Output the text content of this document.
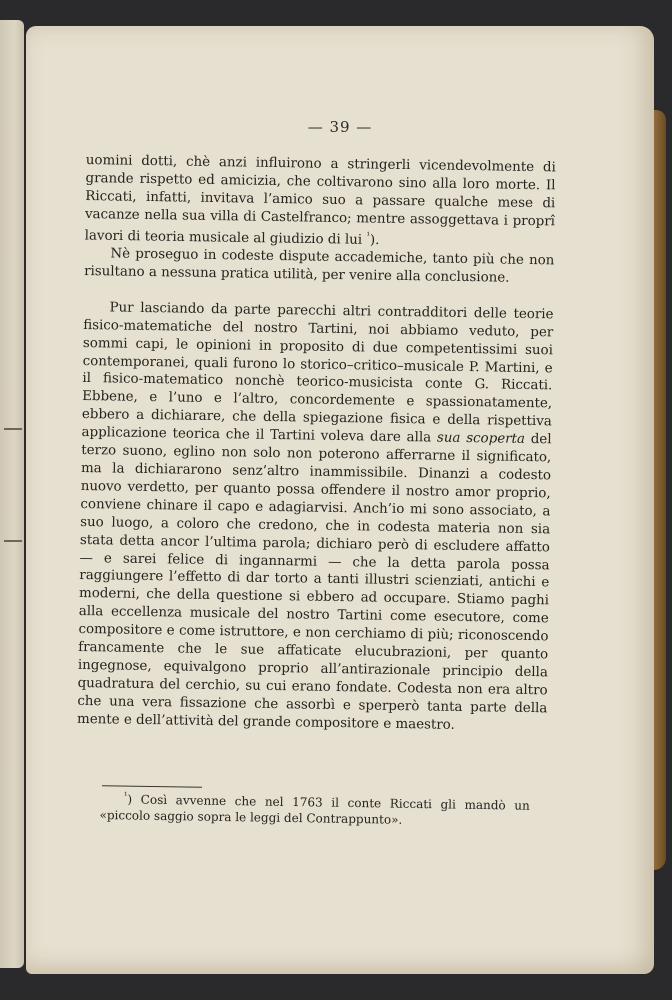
— 39 —

uomini dotti, chè anzi influirono a stringerli vicendevolmente di grande rispetto ed amicizia, che coltivarono sino alla loro morte. Il Riccati, infatti, invitava l’amico suo a passare qualche mese di vacanze nella sua villa di Castelfranco; mentre assoggettava i proprî lavori di teoria musicale al giudizio di lui $^{^1}$).

Nè proseguo in codeste dispute accademiche, tanto più che non risultano a nessuna pratica utilità, per venire alla conclusione.

Pur lasciando da parte parecchi altri contradditori delle teorie fisico-matematiche del nostro Tartini, noi abbiamo veduto, per sommi capi, le opinioni in proposito di due competentissimi suoi contemporanei, quali furono lo storico–critico–musicale P. Martini, e il fisico-matematico nonchè teorico-musicista conte G. Riccati. Ebbene, e l’uno e l’altro, concordemente e spassionatamente, ebbero a dichiarare, che della spiegazione fisica e della rispettiva applicazione teorica che il Tartini voleva dare alla sua scoperta del terzo suono, eglino non solo non poterono afferrarne il significato, ma la dichiararono senz’altro inammissibile. Dinanzi a codesto nuovo verdetto, per quanto possa offendere il nostro amor proprio, conviene chinare il capo e adagiarvisi. Anch’io mi sono associato, a suo luogo, a coloro che credono, che in codesta materia non sia stata detta ancor l’ultima parola; dichiaro però di escludere affatto — e sarei felice di ingannarmi — che la detta parola possa raggiungere l’effetto di dar torto a tanti illustri scienziati, antichi e moderni, che della questione si ebbero ad occupare. Stiamo paghi alla eccellenza musicale del nostro Tartini come esecutore, come compositore e come istruttore, e non cerchiamo di più; riconoscendo francamente che le sue affaticate elucubrazioni, per quanto ingegnose, equivalgono proprio all’antirazionale principio della quadratura del cerchio, su cui erano fondate. Codesta non era altro che una vera fissazione che assorbì e sperperò tanta parte della mente e dell’attività del grande compositore e maestro.

$^{^1}$) Così avvenne che nel 1763 il conte Riccati gli mandò un «piccolo saggio sopra le leggi del Contrappunto».
